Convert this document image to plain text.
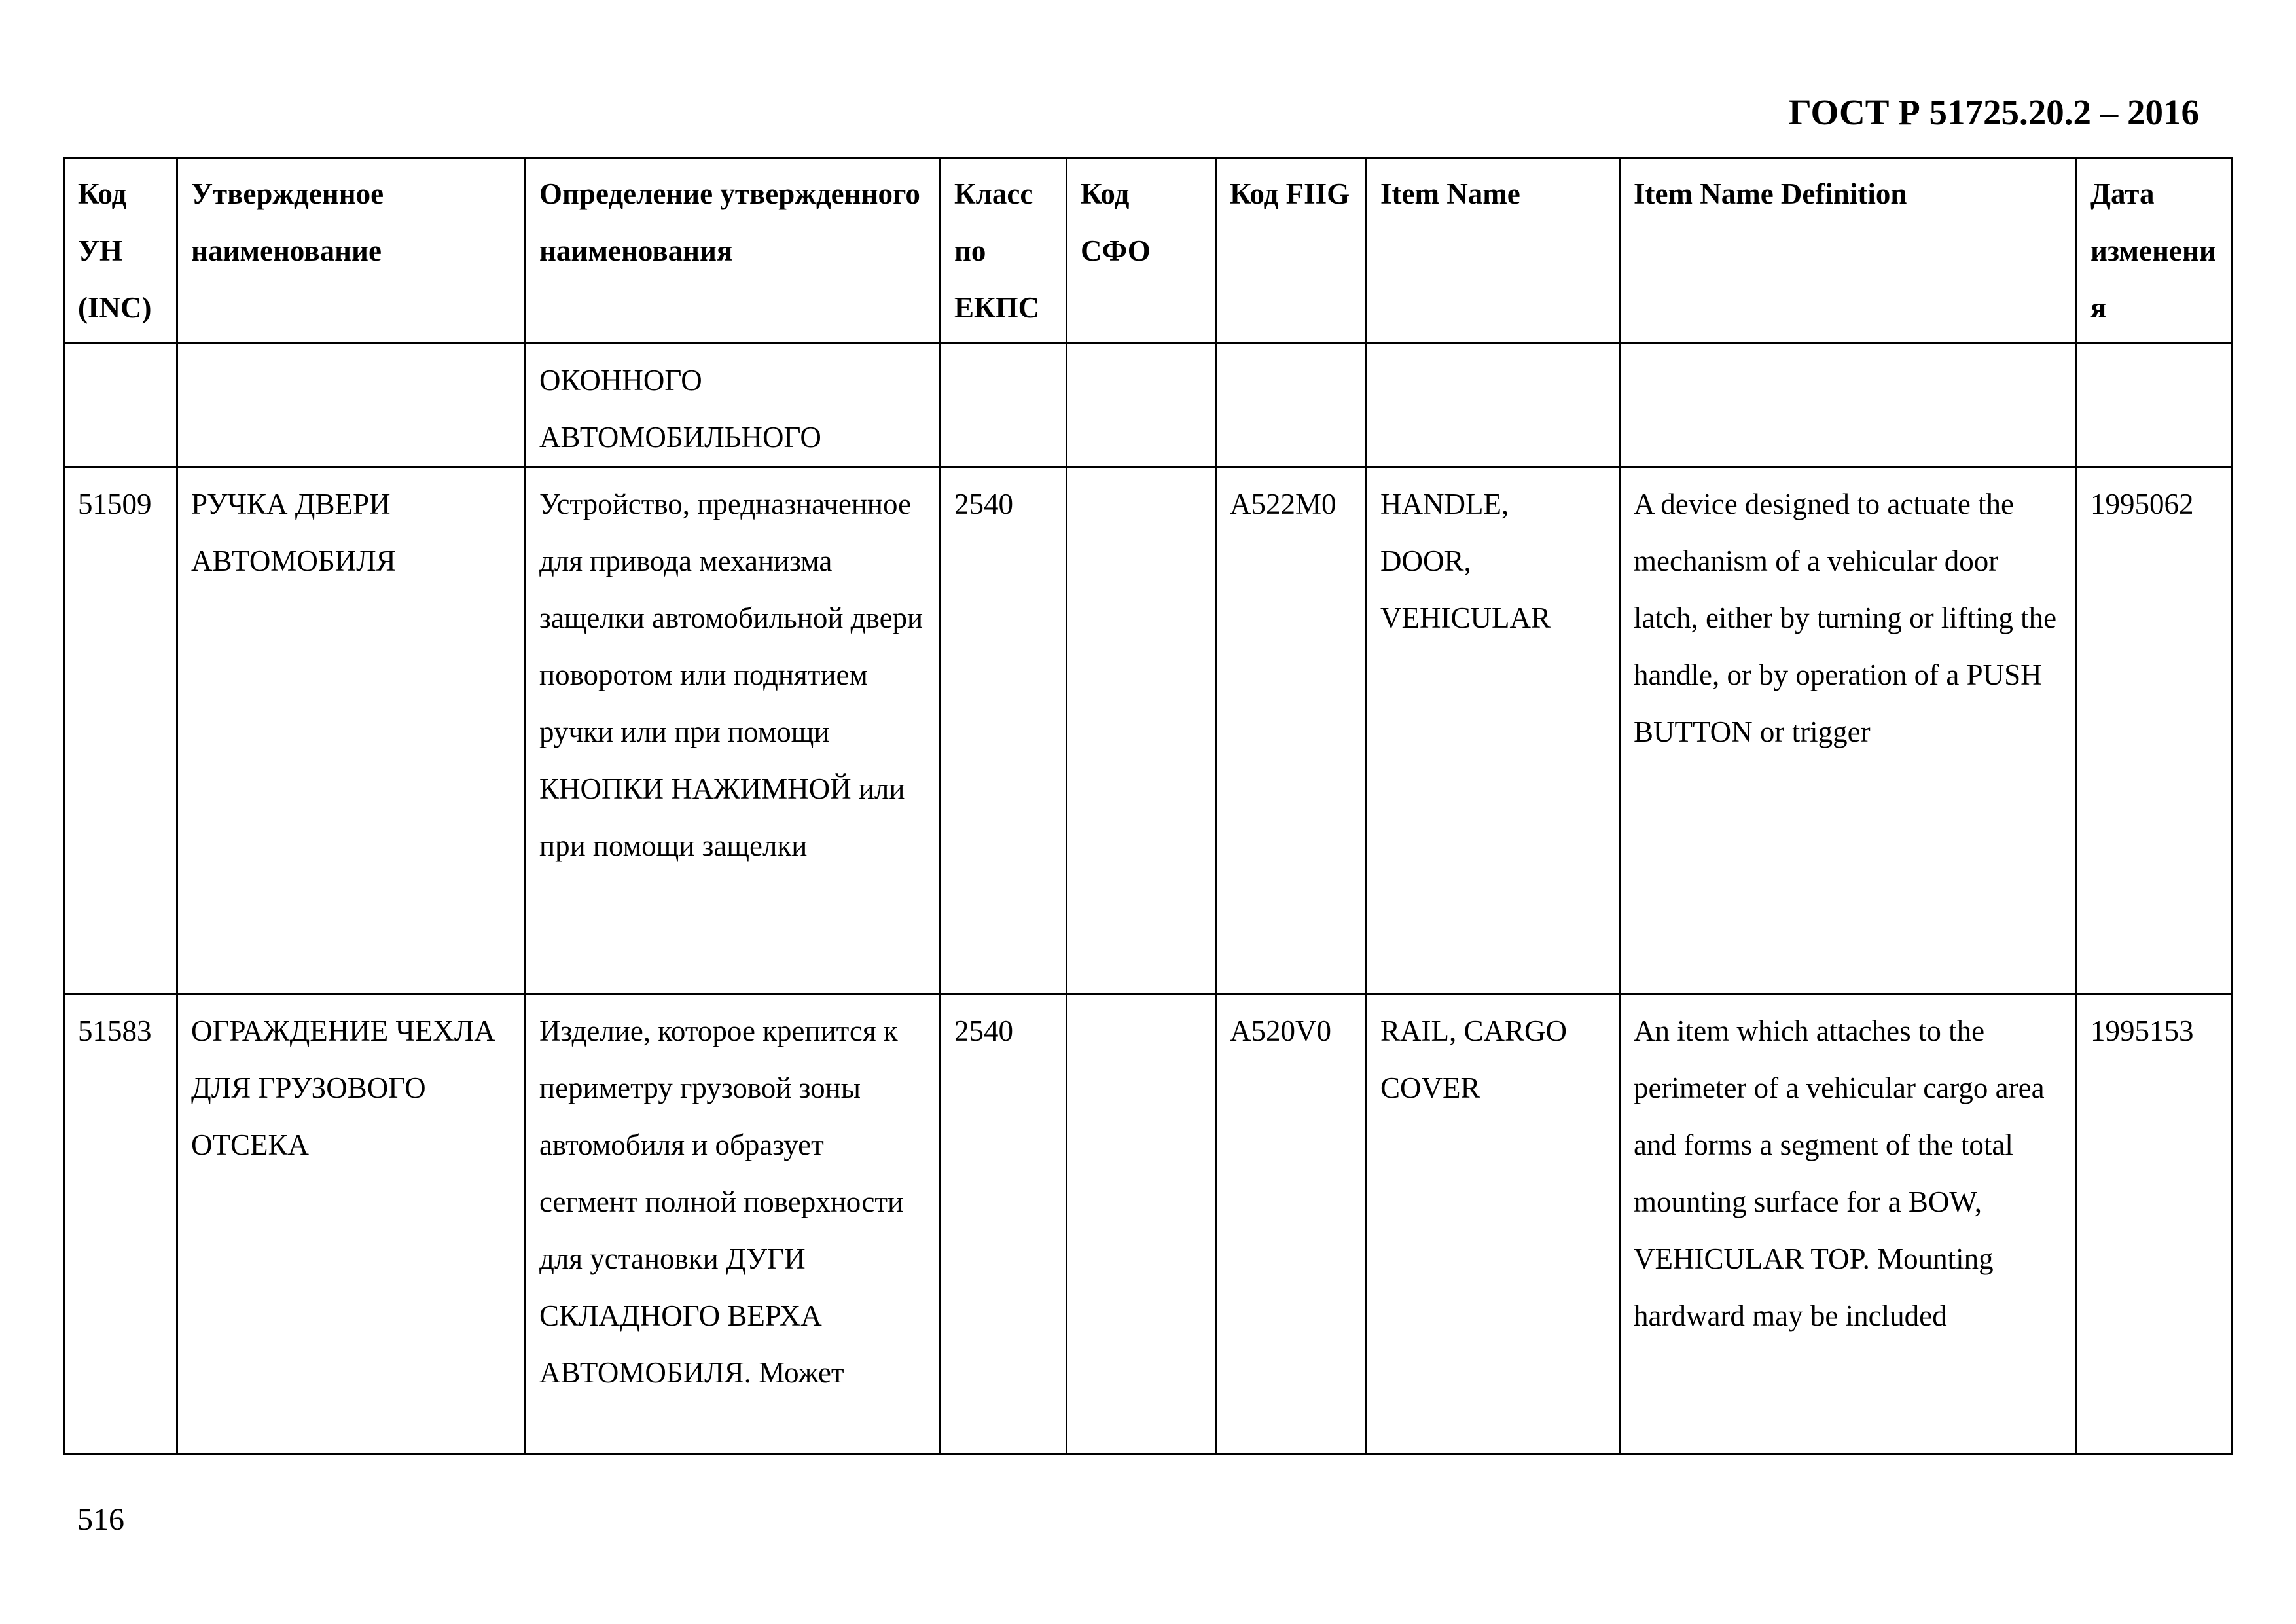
ГОСТ Р 51725.20.2 – 2016
Код УН (INC)	Утвержденное наименование	Определение утвержденного наименования	Класс по ЕКПС	Код СФО	Код FIIG	Item Name	Item Name Definition	Дата изменения
		ОКОННОГО АВТОМОБИЛЬНОГО						
51509	РУЧКА ДВЕРИ АВТОМОБИЛЯ	Устройство, предназначенное для привода механизма защелки автомобильной двери поворотом или поднятием ручки или при помощи КНОПКИ НАЖИМНОЙ или при помощи защелки	2540		A522M0	HANDLE, DOOR, VEHICULAR	A device designed to actuate the mechanism of a vehicular door latch, either by turning or lifting the handle, or by operation of a PUSH BUTTON or trigger	1995062
51583	ОГРАЖДЕНИЕ ЧЕХЛА ДЛЯ ГРУЗОВОГО ОТСЕКА	Изделие, которое крепится к периметру грузовой зоны автомобиля и образует сегмент полной поверхности для установки ДУГИ СКЛАДНОГО ВЕРХА АВТОМОБИЛЯ. Может	2540		A520V0	RAIL, CARGO COVER	An item which attaches to the perimeter of a vehicular cargo area and forms a segment of the total mounting surface for a BOW, VEHICULAR TOP. Mounting hardward may be included	1995153
516
